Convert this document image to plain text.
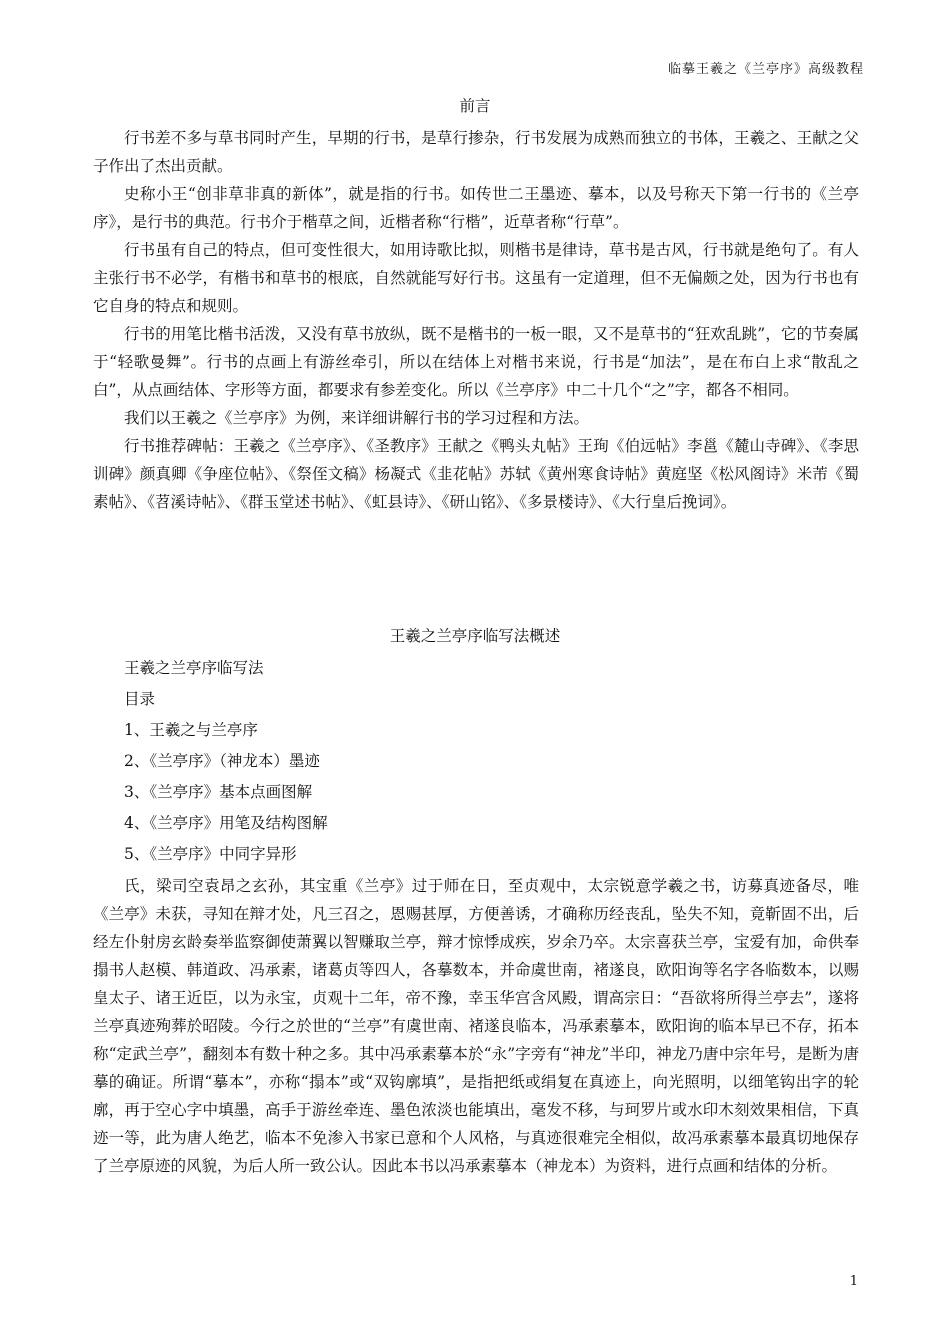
临摹王羲之《兰亭序》高级教程
前言

行书差不多与草书同时产生，早期的行书，是草行掺杂，行书发展为成熟而独立的书体，王羲之、王献之父子作出了杰出贡献。

史称小王“创非草非真的新体”，就是指的行书。如传世二王墨迹、摹本，以及号称天下第一行书的《兰亭序》，是行书的典范。行书介于楷草之间，近楷者称“行楷”，近草者称“行草”。

行书虽有自己的特点，但可变性很大，如用诗歌比拟，则楷书是律诗，草书是古风，行书就是绝句了。有人主张行书不必学，有楷书和草书的根底，自然就能写好行书。这虽有一定道理，但不无偏颇之处，因为行书也有它自身的特点和规则。

行书的用笔比楷书活泼，又没有草书放纵，既不是楷书的一板一眼，又不是草书的“狂欢乱跳”，它的节奏属于“轻歌曼舞”。行书的点画上有游丝牵引，所以在结体上对楷书来说，行书是“加法”，是在布白上求“散乱之白”，从点画结体、字形等方面，都要求有参差变化。所以《兰亭序》中二十几个“之”字，都各不相同。

我们以王羲之《兰亭序》为例，来详细讲解行书的学习过程和方法。

行书推荐碑帖：王羲之《兰亭序》、《圣教序》王献之《鸭头丸帖》王珣《伯远帖》李邕《麓山寺碑》、《李思训碑》颜真卿《争座位帖》、《祭侄文稿》杨凝式《韭花帖》苏轼《黄州寒食诗帖》黄庭坚《松风阁诗》米芾《蜀素帖》、《苕溪诗帖》、《群玉堂述书帖》、《虹县诗》、《研山铭》、《多景楼诗》、《大行皇后挽词》。

王羲之兰亭序临写法概述
王羲之兰亭序临写法
目录
1、王羲之与兰亭序
2、《兰亭序》（神龙本）墨迹
3、《兰亭序》基本点画图解
4、《兰亭序》用笔及结构图解
5、《兰亭序》中同字异形

氏，梁司空袁昂之玄孙，其宝重《兰亭》过于师在日，至贞观中，太宗锐意学羲之书，访募真迹备尽，唯《兰亭》未获，寻知在辩才处，凡三召之，恩赐甚厚，方便善诱，才确称历经丧乱，坠失不知，竟靳固不出，后经左仆射房玄龄奏举监察御使萧翼以智赚取兰亭，辩才惊悸成疾，岁余乃卒。太宗喜获兰亭，宝爱有加，命供奉搨书人赵模、韩道政、冯承素，诸葛贞等四人，各摹数本，并命虞世南，褚遂良，欧阳询等名字各临数本，以赐皇太子、诸王近臣，以为永宝，贞观十二年，帝不豫，幸玉华宫含风殿，谓高宗日：“吾欲将所得兰亭去”，遂将兰亭真迹殉葬於昭陵。今行之於世的“兰亭”有虞世南、褚遂良临本，冯承素摹本，欧阳询的临本早已不存，拓本称“定武兰亭”，翻刻本有数十种之多。其中冯承素摹本於“永”字旁有“神龙”半印，神龙乃唐中宗年号，是断为唐摹的确证。所谓“摹本”，亦称“搨本”或“双钩廓填”，是指把纸或绢复在真迹上，向光照明，以细笔钩出字的轮廓，再于空心字中填墨，高手于游丝牵连、墨色浓淡也能填出，毫发不移，与珂罗片或水印木刻效果相信，下真迹一等，此为唐人绝艺，临本不免渗入书家已意和个人风格，与真迹很难完全相似，故冯承素摹本最真切地保存了兰亭原迹的风貌，为后人所一致公认。因此本书以冯承素摹本（神龙本）为资料，进行点画和结体的分析。

1
